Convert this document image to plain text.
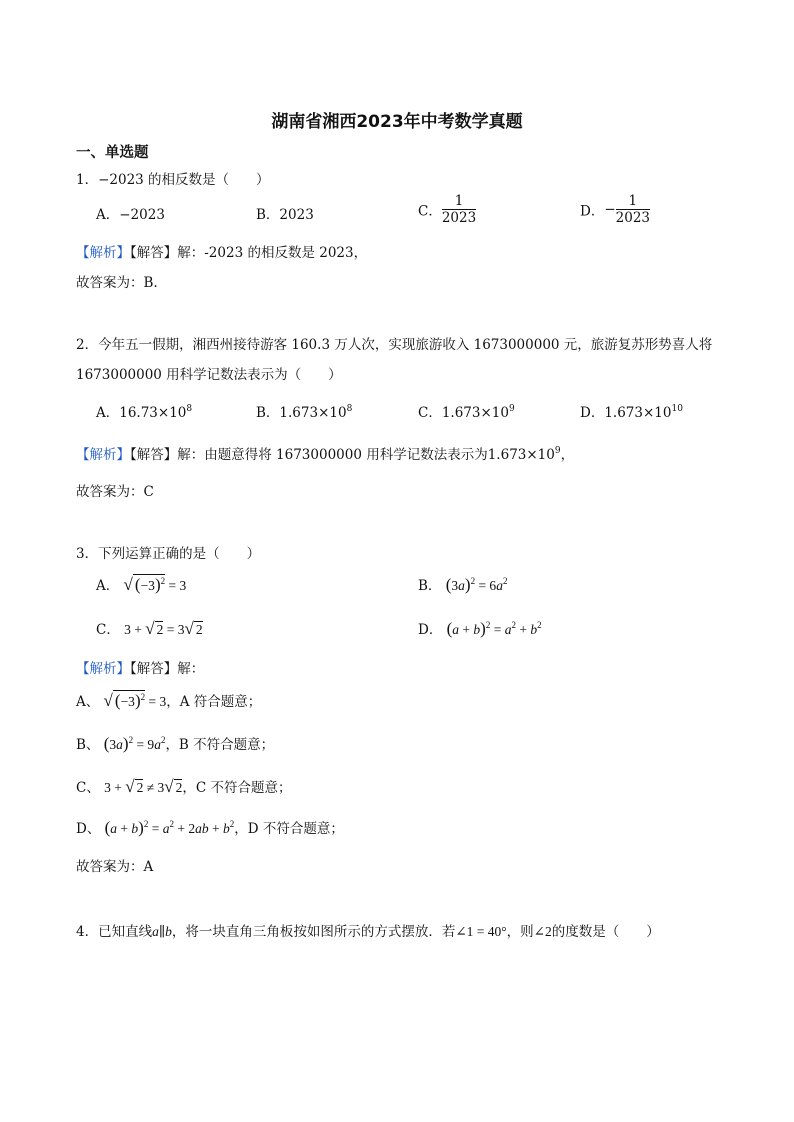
湖南省湘西2023年中考数学真题
一、单选题
1．−2023 的相反数是（　　）
A．−2023	B．2023	C． $\frac{1}{2023}$	D．− $\frac{1}{2023}$
【解析】【解答】解：-2023 的相反数是 2023，
故答案为：B.
2．今年五一假期，湘西州接待游客 160.3 万人次，实现旅游收入 1673000000 元，旅游复苏形势喜人将
1673000000 用科学记数法表示为（　　）
A．$16.73\times 10^8$	B．$1.673\times 10^8$	C．$1.673\times 10^9$	D．$1.673\times 10^{10}$
【解析】【解答】解：由题意得将 1673000000 用科学记数法表示为$1.673\times 10^9$，
故答案为：C
3．下列运算正确的是（　　）
A． √ $(-3)^2 = 3$	B． $(3a)^2 = 6a^2$
C． 3 + √ 2 = 3√ 2	D． $(a + b)^2 = a^2 + b^2$
【解析】【解答】解：
A、 √ $(-3)^2 = 3$，A 符合题意；
B、 $(3a)^2 = 9a^2$，B 不符合题意；
C、 3 + √ 2 ≠ 3√ 2，C 不符合题意；
D、 $(a + b)^2 = a^2 + 2ab + b^2$，D 不符合题意；
故答案为：A
4．已知直线a∥b，将一块直角三角板按如图所示的方式摆放．若∠1 = 40°，则∠2的度数是（　　）
